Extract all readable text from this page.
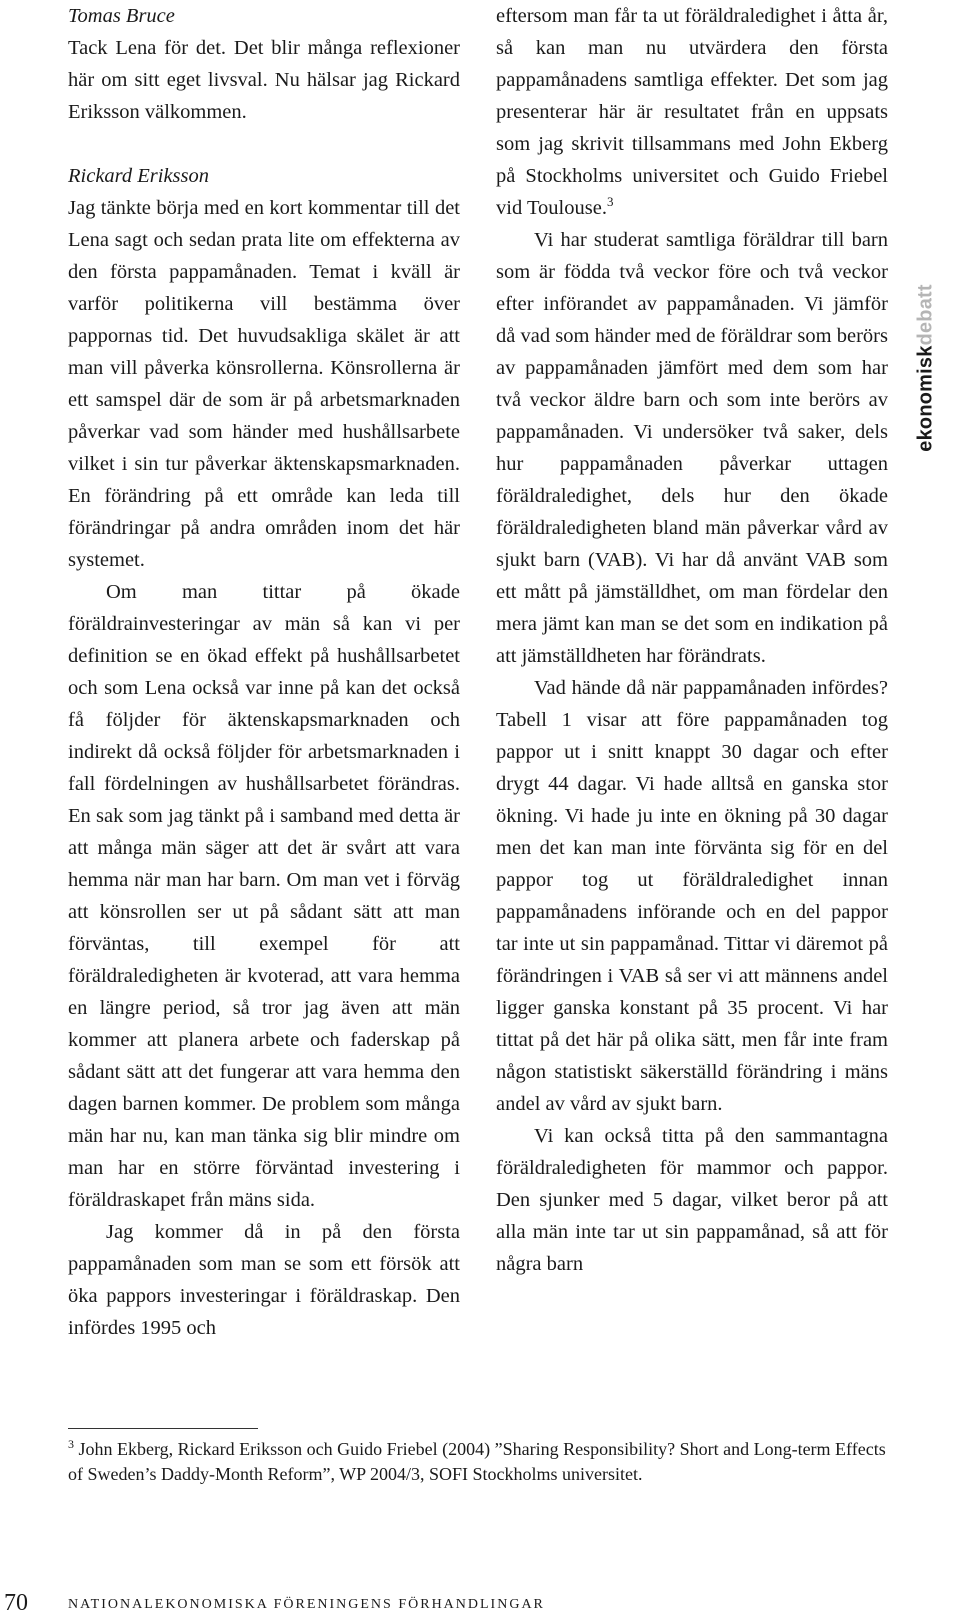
Tomas Bruce

Tack Lena för det. Det blir många reflexioner här om sitt eget livsval. Nu hälsar jag Rickard Eriksson välkommen.

Rickard Eriksson

Jag tänkte börja med en kort kommentar till det Lena sagt och sedan prata lite om effekterna av den första pappamånaden. Temat i kväll är varför politikerna vill bestämma över pappornas tid. Det huvudsakliga skälet är att man vill påverka könsrollerna. Könsrollerna är ett samspel där de som är på arbetsmarknaden påverkar vad som händer med hushållsarbete vilket i sin tur påverkar äktenskapsmarknaden. En förändring på ett område kan leda till förändringar på andra områden inom det här systemet.

Om man tittar på ökade föräldrainvesteringar av män så kan vi per definition se en ökad effekt på hushållsarbetet och som Lena också var inne på kan det också få följder för äktenskapsmarknaden och indirekt då också följder för arbetsmarknaden i fall fördelningen av hushållsarbetet förändras. En sak som jag tänkt på i samband med detta är att många män säger att det är svårt att vara hemma när man har barn. Om man vet i förväg att könsrollen ser ut på sådant sätt att man förväntas, till exempel för att föräldraledigheten är kvoterad, att vara hemma en längre period, så tror jag även att män kommer att planera arbete och faderskap på sådant sätt att det fungerar att vara hemma den dagen barnen kommer. De problem som många män har nu, kan man tänka sig blir mindre om man har en större förväntad investering i föräldraskapet från mäns sida.

Jag kommer då in på den första pappamånaden som man se som ett försök att öka pappors investeringar i föräldraskap. Den infördes 1995 och

eftersom man får ta ut föräldraledighet i åtta år, så kan man nu utvärdera den första pappamånadens samtliga effekter. Det som jag presenterar här är resultatet från en uppsats som jag skrivit tillsammans med John Ekberg på Stockholms universitet och Guido Friebel vid Toulouse.$^3$

Vi har studerat samtliga föräldrar till barn som är födda två veckor före och två veckor efter införandet av pappamånaden. Vi jämför då vad som händer med de föräldrar som berörs av pappamånaden jämfört med dem som har två veckor äldre barn och som inte berörs av pappamånaden. Vi undersöker två saker, dels hur pappamånaden påverkar uttagen föräldraledighet, dels hur den ökade föräldraledigheten bland män påverkar vård av sjukt barn (VAB). Vi har då använt VAB som ett mått på jämställdhet, om man fördelar den mera jämt kan man se det som en indikation på att jämställdheten har förändrats.

Vad hände då när pappamånaden infördes? Tabell 1 visar att före pappamånaden tog pappor ut i snitt knappt 30 dagar och efter drygt 44 dagar. Vi hade alltså en ganska stor ökning. Vi hade ju inte en ökning på 30 dagar men det kan man inte förvänta sig för en del pappor tog ut föräldraledighet innan pappamånadens införande och en del pappor tar inte ut sin pappamånad. Tittar vi däremot på förändringen i VAB så ser vi att männens andel ligger ganska konstant på 35 procent. Vi har tittat på det här på olika sätt, men får inte fram någon statistiskt säkerställd förändring i mäns andel av vård av sjukt barn.

Vi kan också titta på den sammantagna föräldraledigheten för mammor och pappor. Den sjunker med 5 dagar, vilket beror på att alla män inte tar ut sin pappamånad, så att för några barn

ekonomiskdebatt
$^3$ John Ekberg, Rickard Eriksson och Guido Friebel (2004) ”Sharing Responsibility? Short and Long-term Effects of Sweden’s Daddy-Month Reform”, WP 2004/3, SOFI Stockholms universitet.
70	NATIONALEKONOMISKA FÖRENINGENS FÖRHANDLINGAR
